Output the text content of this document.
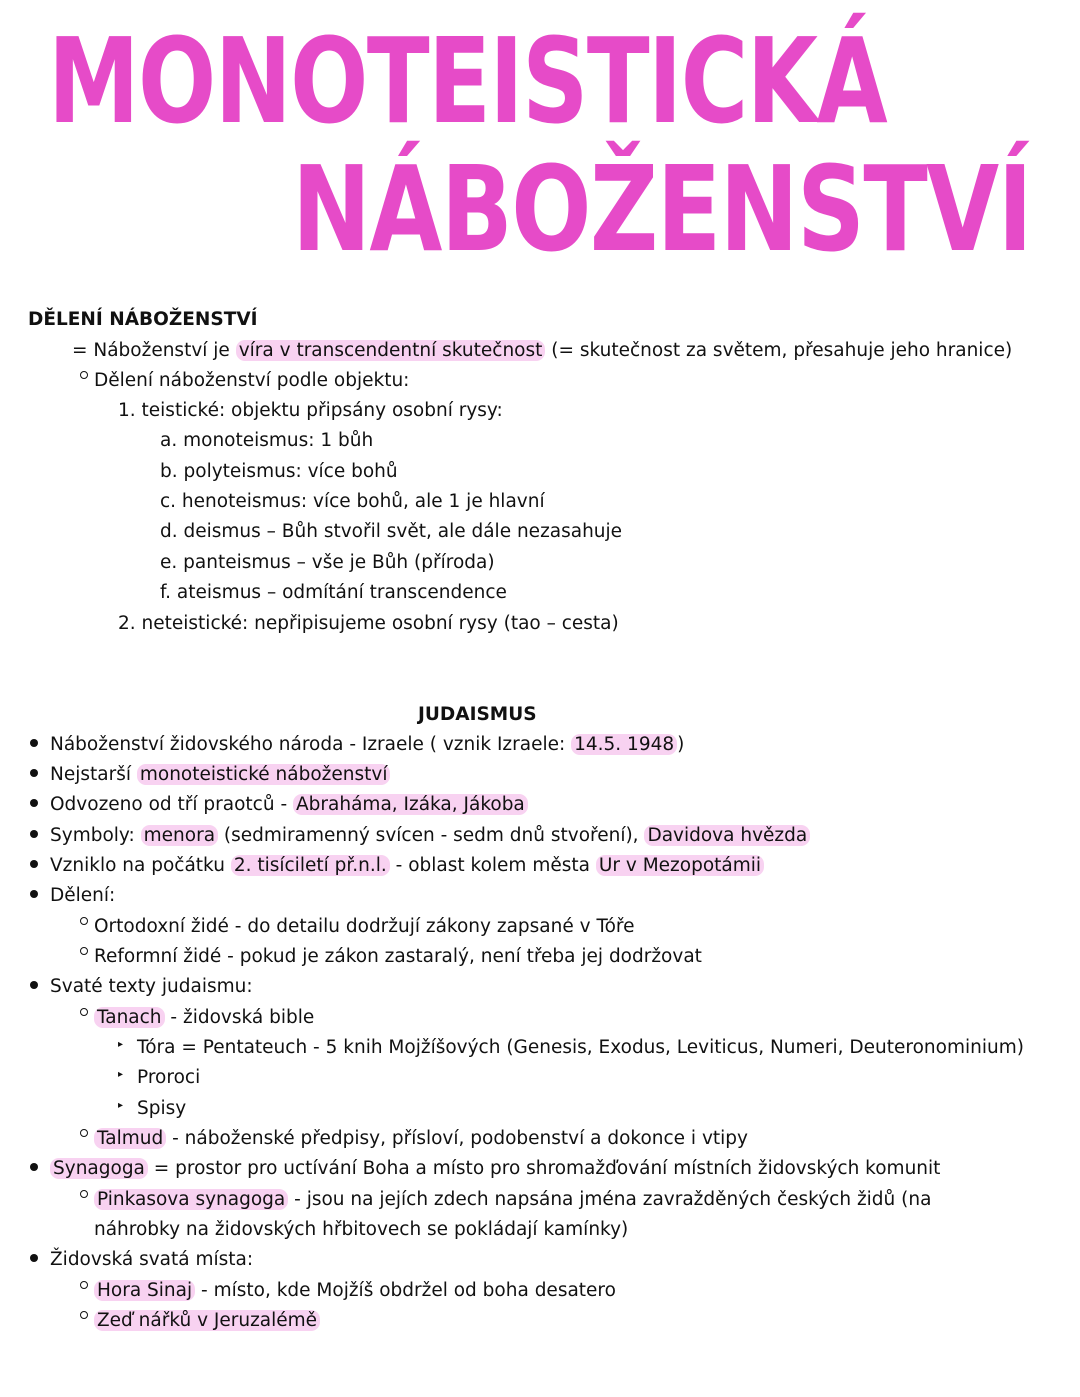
MONOTEISTICKÁ
NÁBOŽENSTVÍ
DĚLENÍ NÁBOŽENSTVÍ
= Náboženství je víra v transcendentní skutečnost (= skutečnost za světem, přesahuje jeho hranice)
Dělení náboženství podle objektu:
1. teistické: objektu připsány osobní rysy:
a. monoteismus: 1 bůh
b. polyteismus: více bohů
c. henoteismus: více bohů, ale 1 je hlavní
d. deismus – Bůh stvořil svět, ale dále nezasahuje
e. panteismus – vše je Bůh (příroda)
f. ateismus – odmítání transcendence
2. neteistické: nepřipisujeme osobní rysy (tao – cesta)
JUDAISMUS
Náboženství židovského národa - Izraele ( vznik Izraele: 14.5. 1948 )
Nejstarší monoteistické náboženství
Odvozeno od tří praotců - Abraháma, Izáka, Jákoba
Symboly: menora (sedmiramenný svícen - sedm dnů stvoření), Davidova hvězda
Vzniklo na počátku 2. tisíciletí př.n.l. - oblast kolem města Ur v Mezopotámii
Dělení:
Ortodoxní židé - do detailu dodržují zákony zapsané v Tóře
Reformní židé - pokud je zákon zastaralý, není třeba jej dodržovat
Svaté texty judaismu:
Tanach - židovská bible
▸ Tóra = Pentateuch - 5 knih Mojžíšových (Genesis, Exodus, Leviticus, Numeri, Deuteronominium)
▸ Proroci
▸ Spisy
Talmud - náboženské předpisy, přísloví, podobenství a dokonce i vtipy
Synagoga = prostor pro uctívání Boha a místo pro shromažďování místních židovských komunit
Pinkasova synagoga - jsou na jejích zdech napsána jména zavražděných českých židů (na
náhrobky na židovských hřbitovech se pokládají kamínky)
Židovská svatá místa:
Hora Sinaj - místo, kde Mojžíš obdržel od boha desatero
Zeď nářků v Jeruzalémě
